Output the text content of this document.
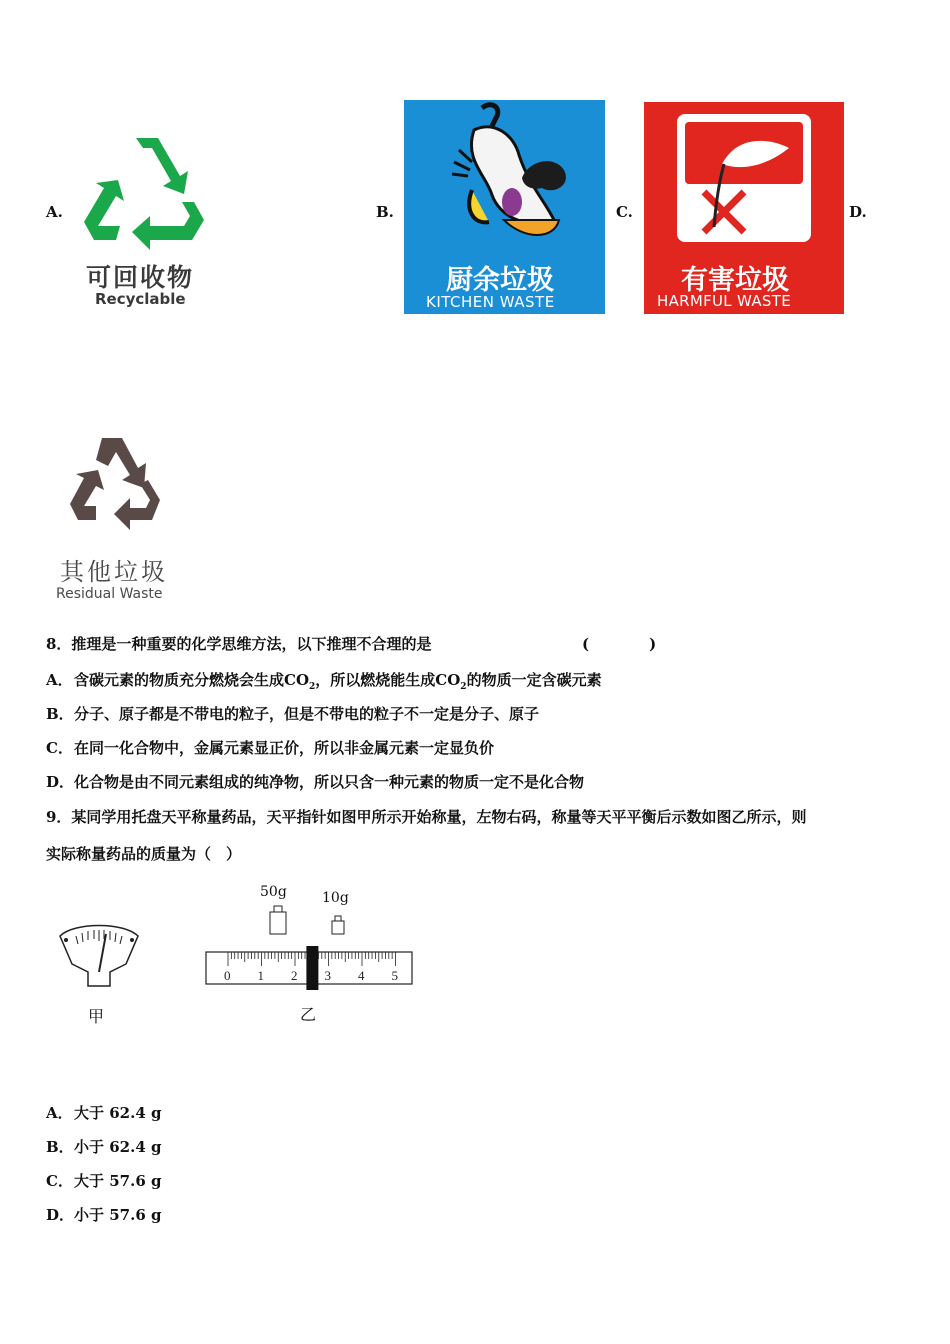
A.
可回收物
Recyclable
B.
厨余垃圾
KITCHEN WASTE
C.
有害垃圾
HARMFUL WASTE
D.
其他垃圾
Residual Waste
8．推理是一种重要的化学思维方法，以下推理不合理的是	(　　　　)
A．含碳元素的物质充分燃烧会生成$CO_2$，所以燃烧能生成$CO_2$的物质一定含碳元素
B．分子、原子都是不带电的粒子，但是不带电的粒子不一定是分子、原子
C．在同一化合物中，金属元素显正价，所以非金属元素一定显负价
D．化合物是由不同元素组成的纯净物，所以只含一种元素的物质一定不是化合物
9．某同学用托盘天平称量药品，天平指针如图甲所示开始称量，左物右码，称量等天平平衡后示数如图乙所示，则
实际称量药品的质量为（　）
甲
50g	10g
0 1 2 3 4 5
乙
A．大于 62.4 g
B．小于 62.4 g
C．大于 57.6 g
D．小于 57.6 g
